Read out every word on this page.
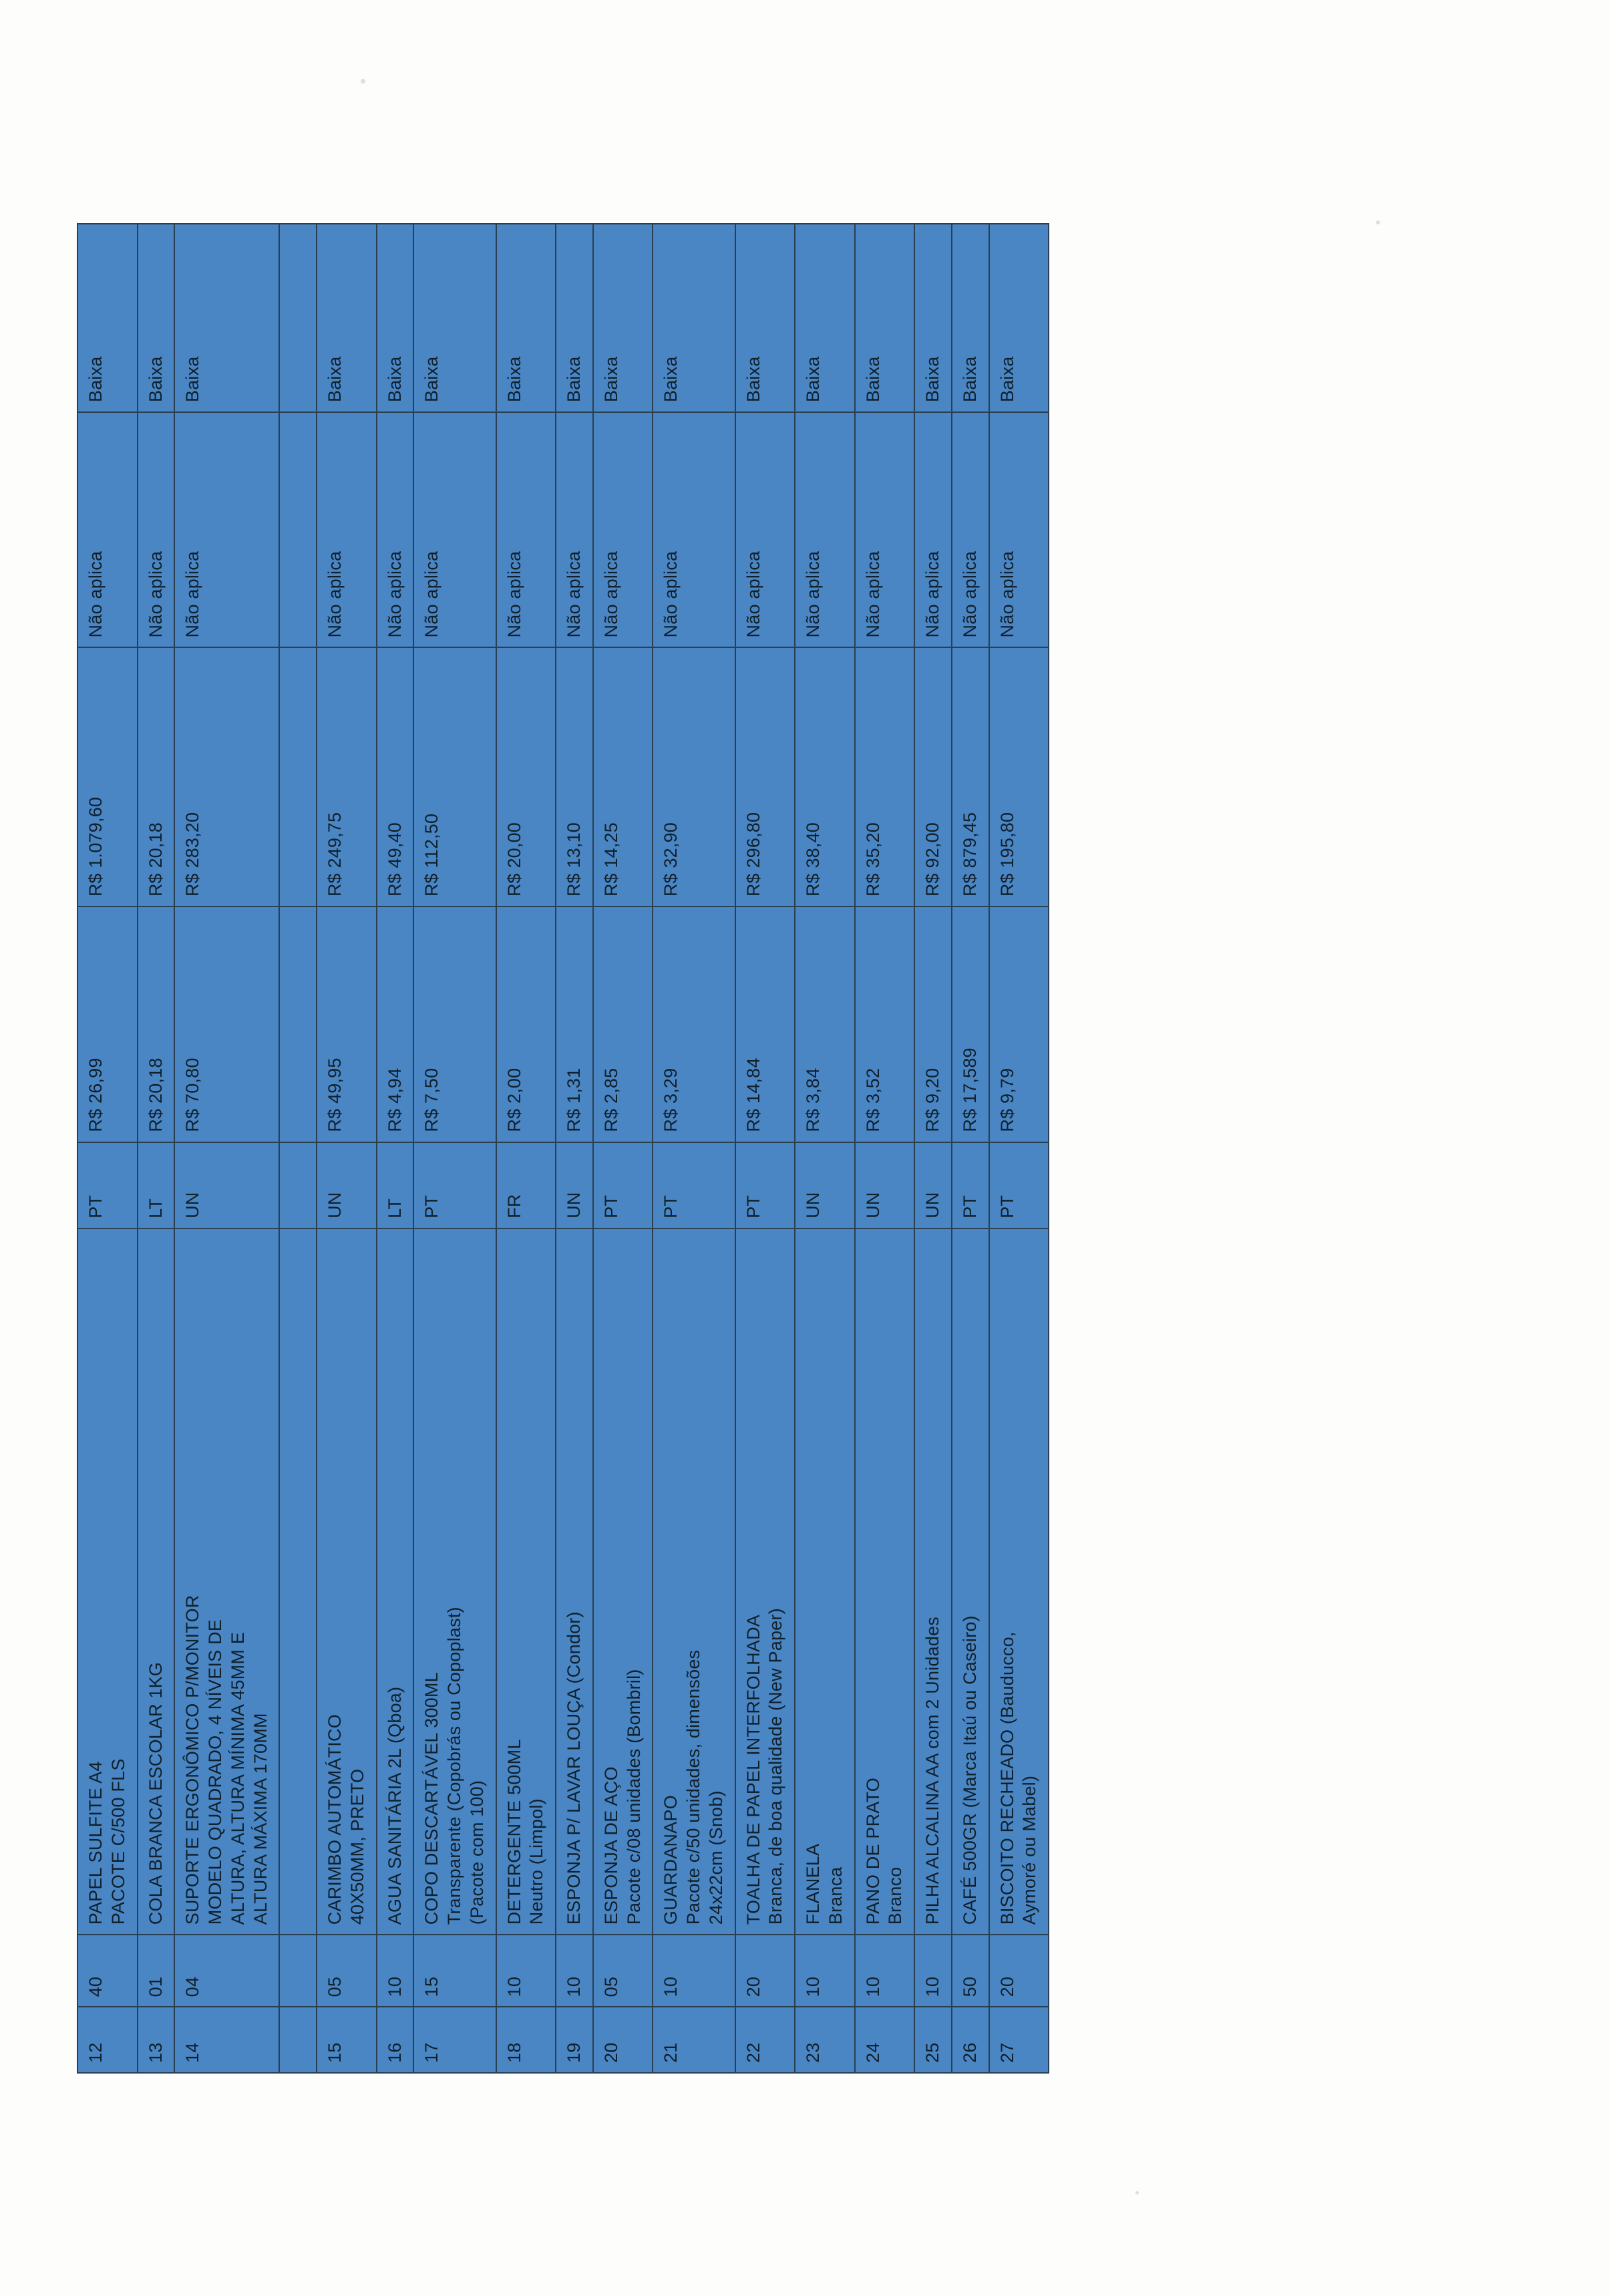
12	40	PAPEL SULFITE A4 PACOTE C/500 FLS	PT	R$ 26,99	R$ 1.079,60	Não aplica	Baixa
13	01	COLA BRANCA ESCOLAR 1KG	LT	R$ 20,18	R$ 20,18	Não aplica	Baixa
14	04	SUPORTE ERGONÔMICO P/MONITOR MODELO QUADRADO, 4 NÍVEIS DE ALTURA, ALTURA MÍNIMA 45MM E ALTURA MÁXIMA 170MM	UN	R$ 70,80	R$ 283,20	Não aplica	Baixa

15	05	CARIMBO AUTOMÁTICO 40X50MM, PRETO	UN	R$ 49,95	R$ 249,75	Não aplica	Baixa
16	10	AGUA SANITÁRIA 2L (Qboa)	LT	R$ 4,94	R$ 49,40	Não aplica	Baixa
17	15	COPO DESCARTÁVEL 300ML Transparente (Copobrás ou Copoplast) (Pacote com 100)	PT	R$ 7,50	R$ 112,50	Não aplica	Baixa
18	10	DETERGENTE 500ML Neutro (Limpol)	FR	R$ 2,00	R$ 20,00	Não aplica	Baixa
19	10	ESPONJA P/ LAVAR LOUÇA (Condor)	UN	R$ 1,31	R$ 13,10	Não aplica	Baixa
20	05	ESPONJA DE AÇO Pacote c/08 unidades (Bombril)	PT	R$ 2,85	R$ 14,25	Não aplica	Baixa
21	10	GUARDANAPO Pacote c/50 unidades, dimensões 24x22cm (Snob)	PT	R$ 3,29	R$ 32,90	Não aplica	Baixa
22	20	TOALHA DE PAPEL INTERFOLHADA Branca, de boa qualidade (New Paper)	PT	R$ 14,84	R$ 296,80	Não aplica	Baixa
23	10	FLANELA Branca	UN	R$ 3,84	R$ 38,40	Não aplica	Baixa
24	10	PANO DE PRATO Branco	UN	R$ 3,52	R$ 35,20	Não aplica	Baixa
25	10	PILHA ALCALINA AA com 2 Unidades	UN	R$ 9,20	R$ 92,00	Não aplica	Baixa
26	50	CAFÉ 500GR (Marca Itaú ou Caseiro)	PT	R$ 17,589	R$ 879,45	Não aplica	Baixa
27	20	BISCOITO RECHEADO (Bauducco, Aymoré ou Mabel)	PT	R$ 9,79	R$ 195,80	Não aplica	Baixa
